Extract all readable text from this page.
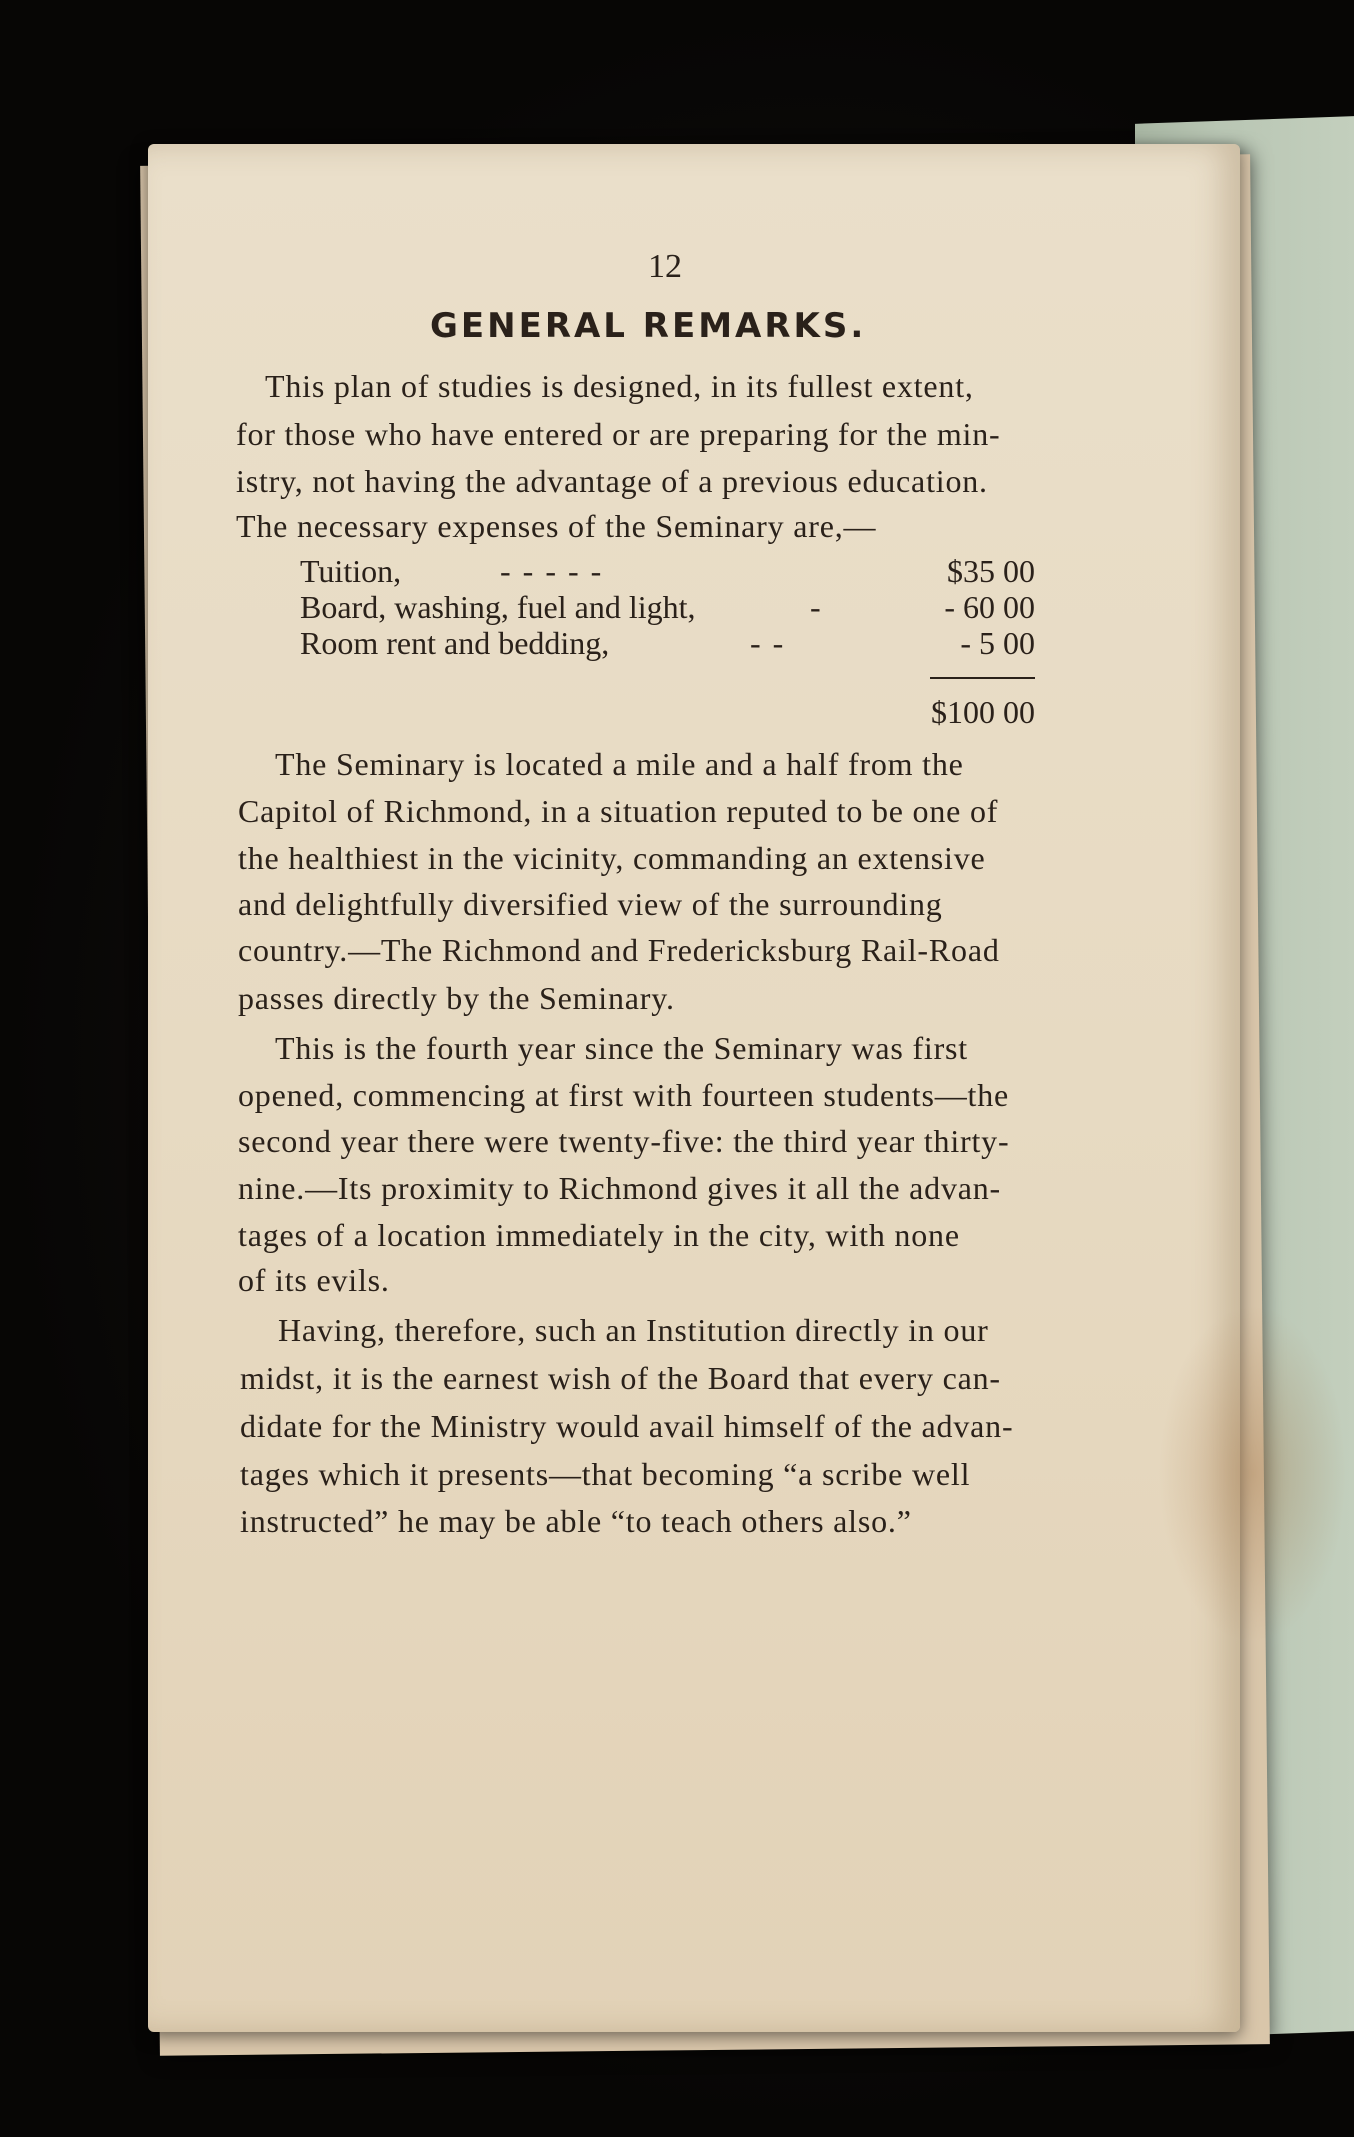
12
GENERAL REMARKS.
This plan of studies is designed, in its fullest extent,
for those who have entered or are preparing for the min-
istry, not having the advantage of a previous education.
The necessary expenses of the Seminary are,—
Tuition,	- - - - -	$35 00
Board, washing, fuel and light,	-	- 60 00
Room rent and bedding,	- -	- 5 00
$100 00
The Seminary is located a mile and a half from the
Capitol of Richmond, in a situation reputed to be one of
the healthiest in the vicinity, commanding an extensive
and delightfully diversified view of the surrounding
country.—The Richmond and Fredericksburg Rail-Road
passes directly by the Seminary.
This is the fourth year since the Seminary was first
opened, commencing at first with fourteen students—the
second year there were twenty-five: the third year thirty-
nine.—Its proximity to Richmond gives it all the advan-
tages of a location immediately in the city, with none
of its evils.
Having, therefore, such an Institution directly in our
midst, it is the earnest wish of the Board that every can-
didate for the Ministry would avail himself of the advan-
tages which it presents—that becoming “a scribe well
instructed” he may be able “to teach others also.”
